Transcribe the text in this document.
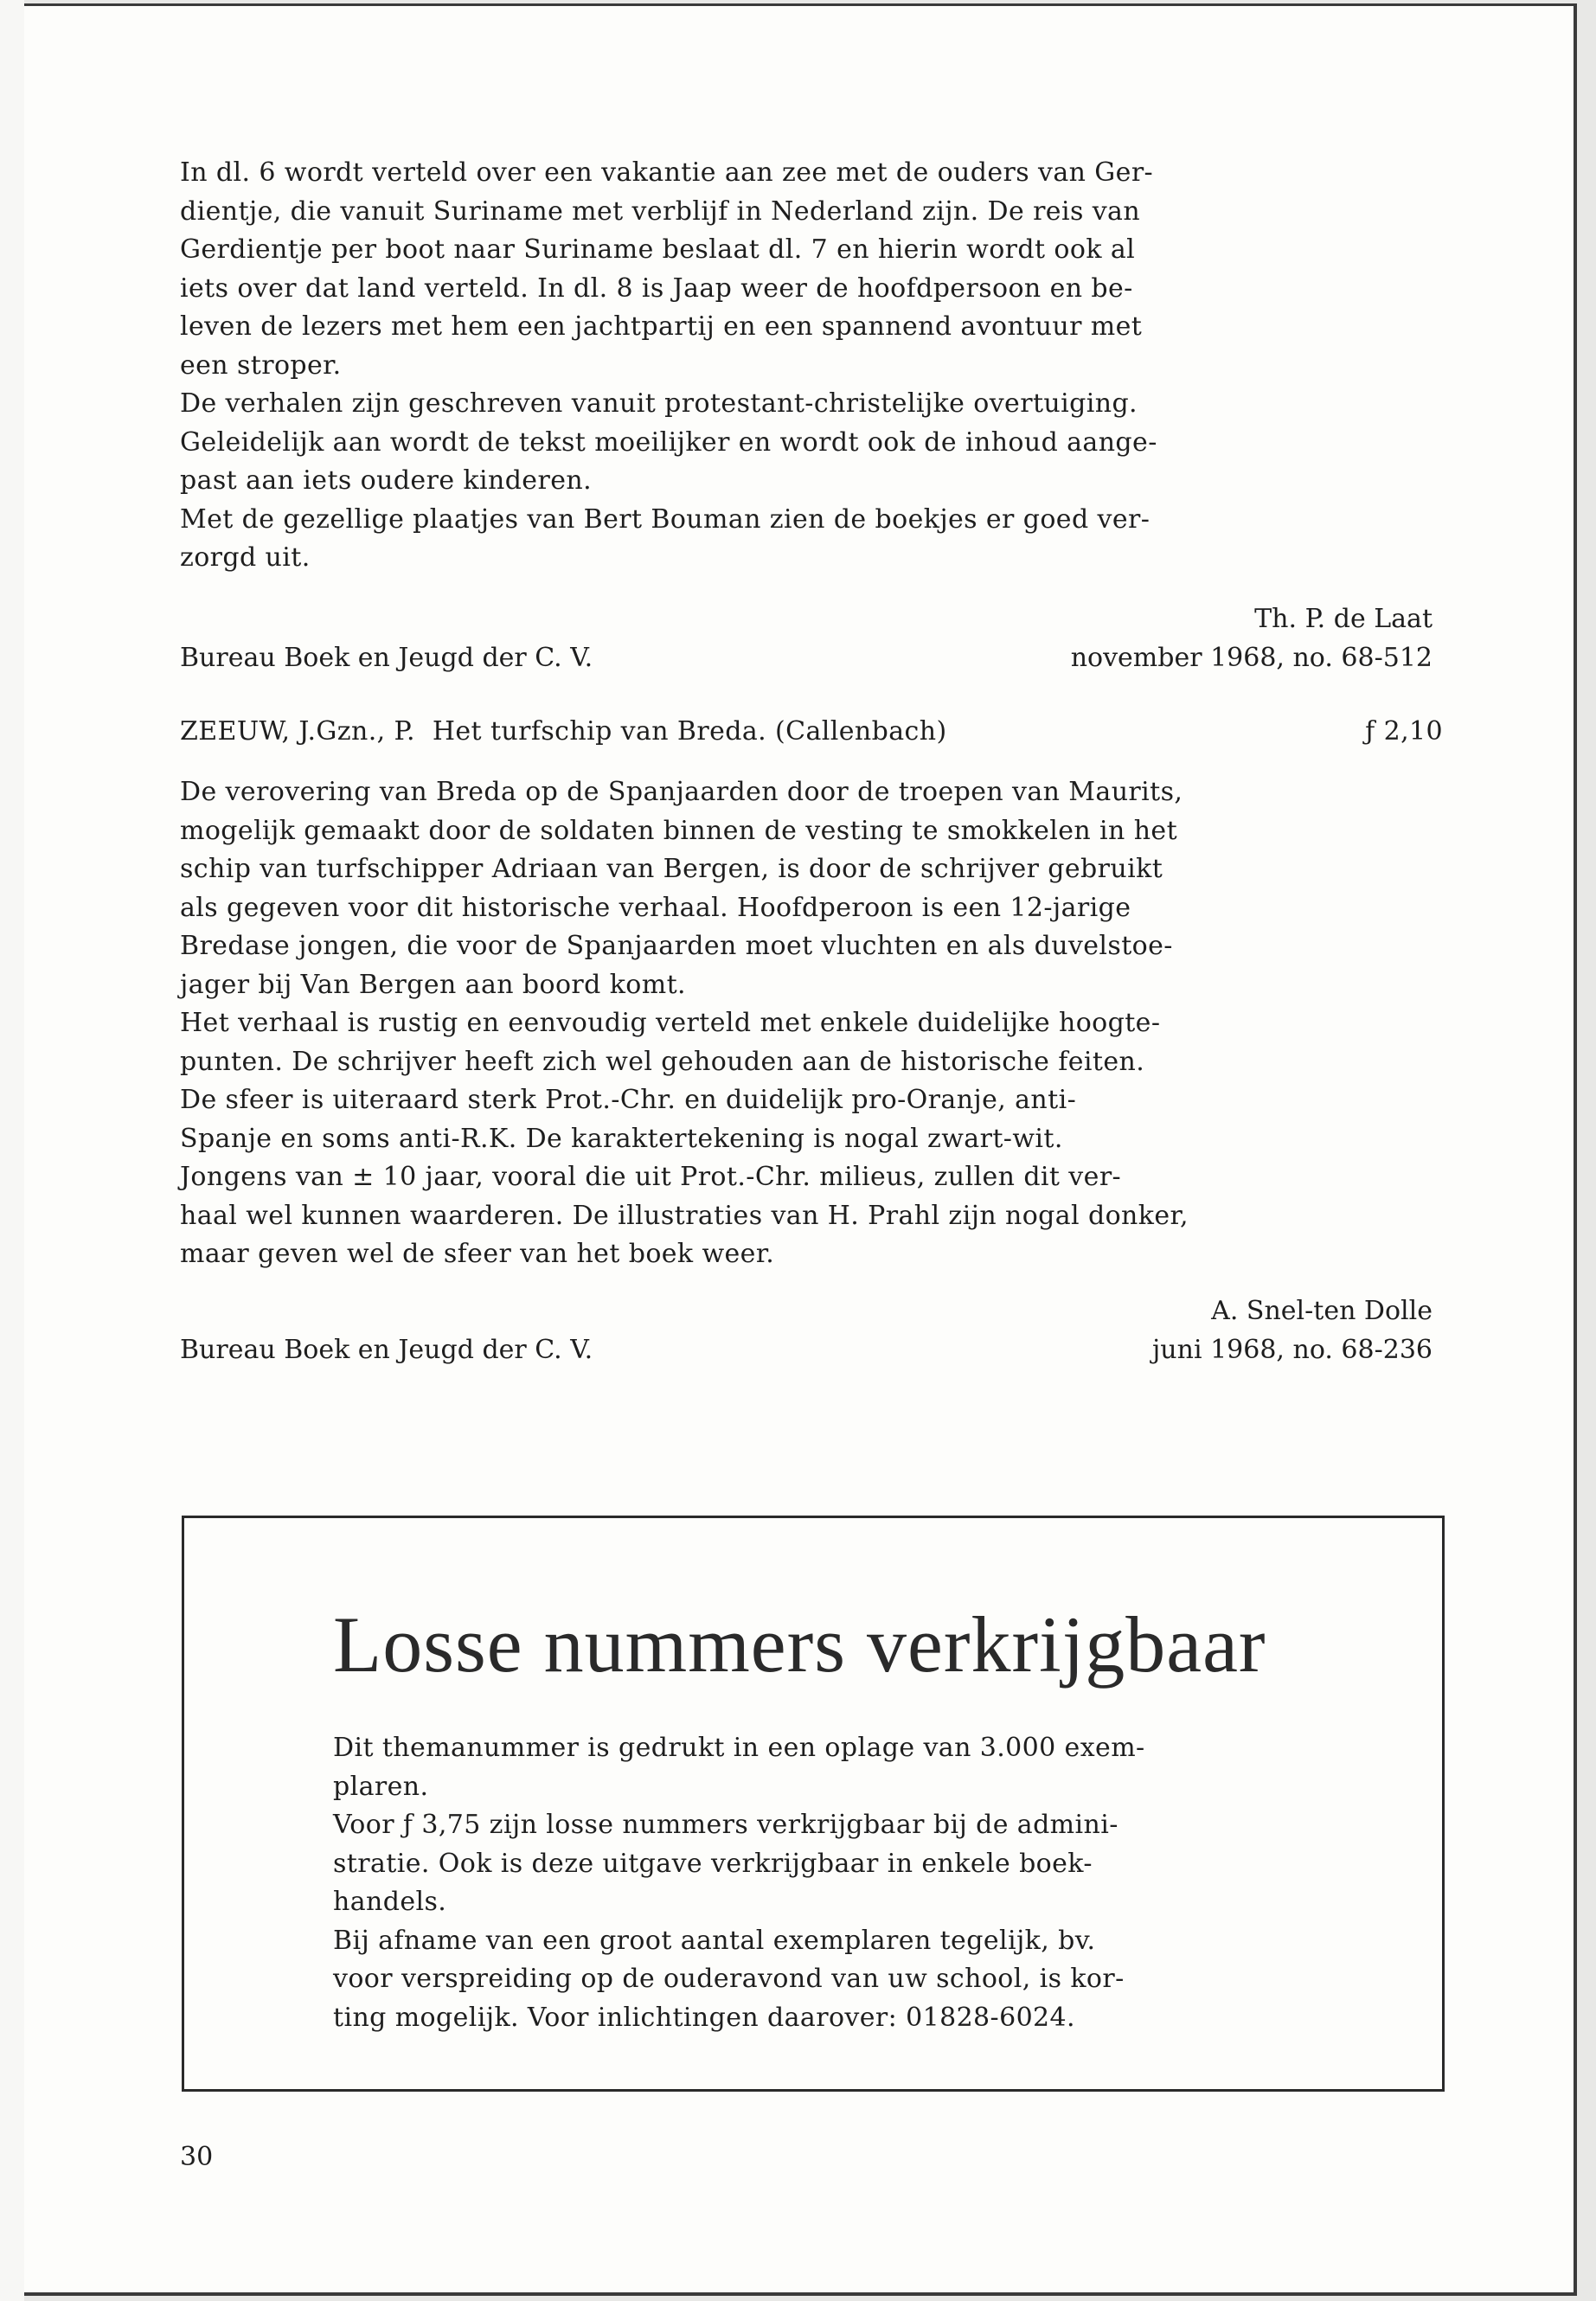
In dl. 6 wordt verteld over een vakantie aan zee met de ouders van Ger-

dientje, die vanuit Suriname met verblijf in Nederland zijn. De reis van

Gerdientje per boot naar Suriname beslaat dl. 7 en hierin wordt ook al

iets over dat land verteld. In dl. 8 is Jaap weer de hoofdpersoon en be-

leven de lezers met hem een jachtpartij en een spannend avontuur met

een stroper.

De verhalen zijn geschreven vanuit protestant-christelijke overtuiging.

Geleidelijk aan wordt de tekst moeilijker en wordt ook de inhoud aange-

past aan iets oudere kinderen.

Met de gezellige plaatjes van Bert Bouman zien de boekjes er goed ver-

zorgd uit.

Th. P. de Laat
Bureau Boek en Jeugd der C. V.	november 1968, no. 68-512
ZEEUW, J.Gzn., P. Het turfschip van Breda. (Callenbach)	ƒ 2,10

De verovering van Breda op de Spanjaarden door de troepen van Maurits,

mogelijk gemaakt door de soldaten binnen de vesting te smokkelen in het

schip van turfschipper Adriaan van Bergen, is door de schrijver gebruikt

als gegeven voor dit historische verhaal. Hoofdperoon is een 12-jarige

Bredase jongen, die voor de Spanjaarden moet vluchten en als duvelstoe-

jager bij Van Bergen aan boord komt.

Het verhaal is rustig en eenvoudig verteld met enkele duidelijke hoogte-

punten. De schrijver heeft zich wel gehouden aan de historische feiten.

De sfeer is uiteraard sterk Prot.-Chr. en duidelijk pro-Oranje, anti-

Spanje en soms anti-R.K. De karaktertekening is nogal zwart-wit.

Jongens van ± 10 jaar, vooral die uit Prot.-Chr. milieus, zullen dit ver-

haal wel kunnen waarderen. De illustraties van H. Prahl zijn nogal donker,

maar geven wel de sfeer van het boek weer.

A. Snel-ten Dolle
Bureau Boek en Jeugd der C. V.	juni 1968, no. 68-236
Losse nummers verkrijgbaar

Dit themanummer is gedrukt in een oplage van 3.000 exem-

plaren.

Voor ƒ 3,75 zijn losse nummers verkrijgbaar bij de admini-

stratie. Ook is deze uitgave verkrijgbaar in enkele boek-

handels.

Bij afname van een groot aantal exemplaren tegelijk, bv.

voor verspreiding op de ouderavond van uw school, is kor-

ting mogelijk. Voor inlichtingen daarover: 01828-6024.

30
